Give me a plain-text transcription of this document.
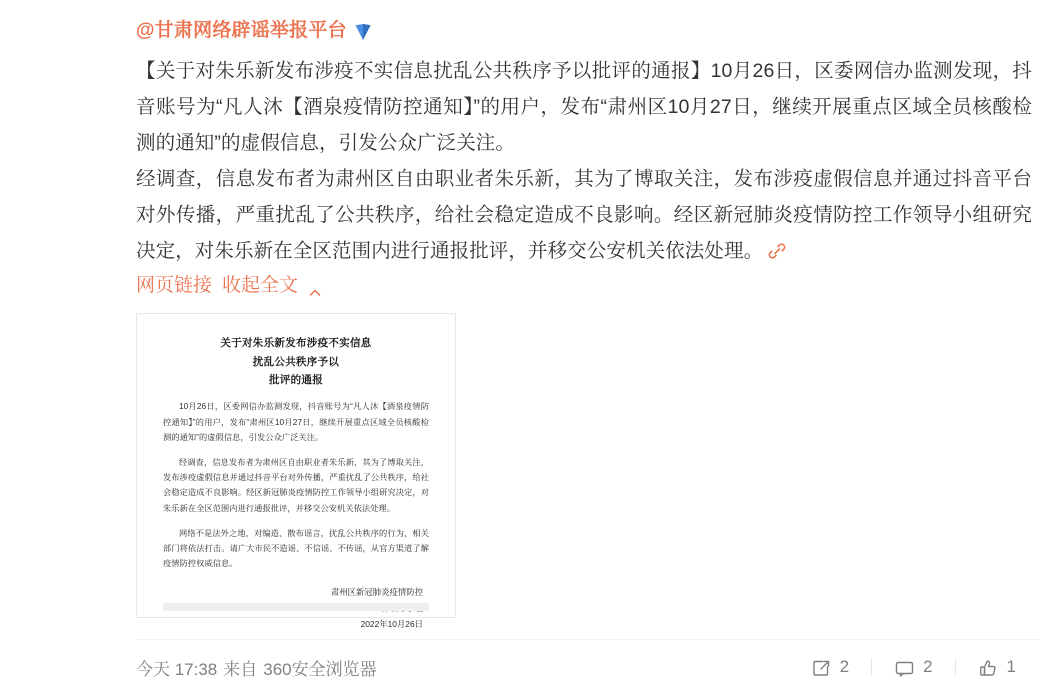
@甘肃网络辟谣举报平台

【关于对朱乐新发布涉疫不实信息扰乱公共秩序予以批评的通报】10月26日，区委网信办监测发现，抖音账号为“凡人沐【酒泉疫情防控通知】”的用户，发布“肃州区10月27日，继续开展重点区域全员核酸检测的通知”的虚假信息，引发公众广泛关注。

经调查，信息发布者为肃州区自由职业者朱乐新，其为了博取关注，发布涉疫虚假信息并通过抖音平台对外传播，严重扰乱了公共秩序，给社会稳定造成不良影响。经区新冠肺炎疫情防控工作领导小组研究决定，对朱乐新在全区范围内进行通报批评，并移交公安机关依法处理。

网页链接 收起全文
关于对朱乐新发布涉疫不实信息
扰乱公共秩序予以
批评的通报
10月26日，区委网信办监测发现，抖音账号为“凡人沐【酒泉疫情防控通知】”的用户，发布“肃州区10月27日，继续开展重点区域全员核酸检测的通知”的虚假信息，引发公众广泛关注。
经调查，信息发布者为肃州区自由职业者朱乐新，其为了博取关注，发布涉疫虚假信息并通过抖音平台对外传播，严重扰乱了公共秩序，给社会稳定造成不良影响。经区新冠肺炎疫情防控工作领导小组研究决定，对朱乐新在全区范围内进行通报批评，并移交公安机关依法处理。
网络不是法外之地，对编造、散布谣言，扰乱公共秩序的行为，相关部门将依法打击。请广大市民不造谣、不信谣、不传谣，从官方渠道了解疫情防控权威信息。
肃州区新冠肺炎疫情防控
2022年10月26日
今天 17:38 来自 360安全浏览器	2	2	1
